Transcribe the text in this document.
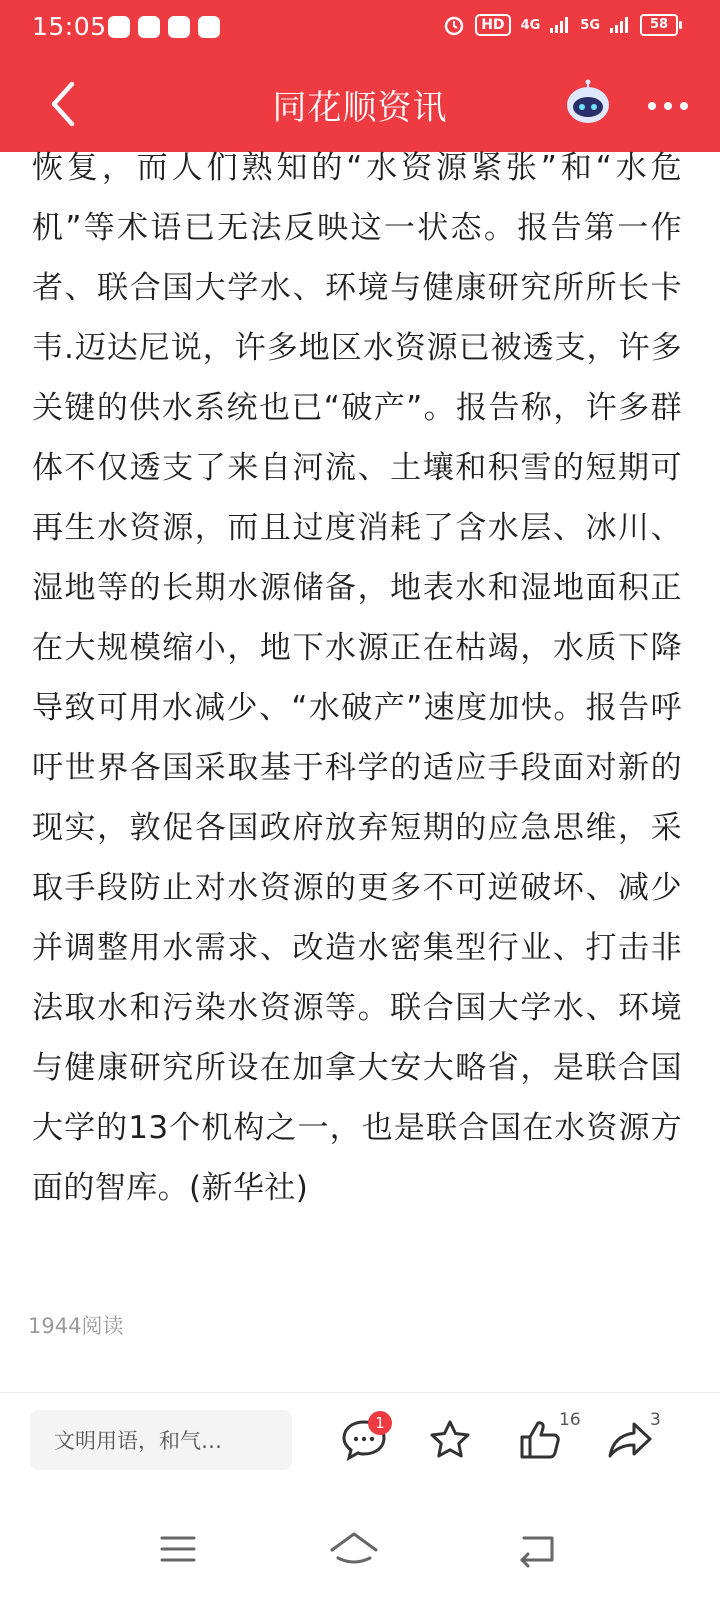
15:05	HD	4G	5G	58
同花顺资讯

恢复，而人们熟知的“水资源紧张”和“水危机”等术语已无法反映这一状态。报告第一作者、联合国大学水、环境与健康研究所所长卡韦.迈达尼说，许多地区水资源已被透支，许多关键的供水系统也已“破产”。报告称，许多群体不仅透支了来自河流、土壤和积雪的短期可再生水资源，而且过度消耗了含水层、冰川、湿地等的长期水源储备，地表水和湿地面积正在大规模缩小，地下水源正在枯竭，水质下降导致可用水减少、“水破产”速度加快。报告呼吁世界各国采取基于科学的适应手段面对新的现实，敦促各国政府放弃短期的应急思维，采取手段防止对水资源的更多不可逆破坏、减少并调整用水需求、改造水密集型行业、打击非法取水和污染水资源等。联合国大学水、环境与健康研究所设在加拿大安大略省，是联合国大学的13个机构之一，也是联合国在水资源方面的智库。(新华社)

1944阅读
文明用语，和气…
1	16	3
